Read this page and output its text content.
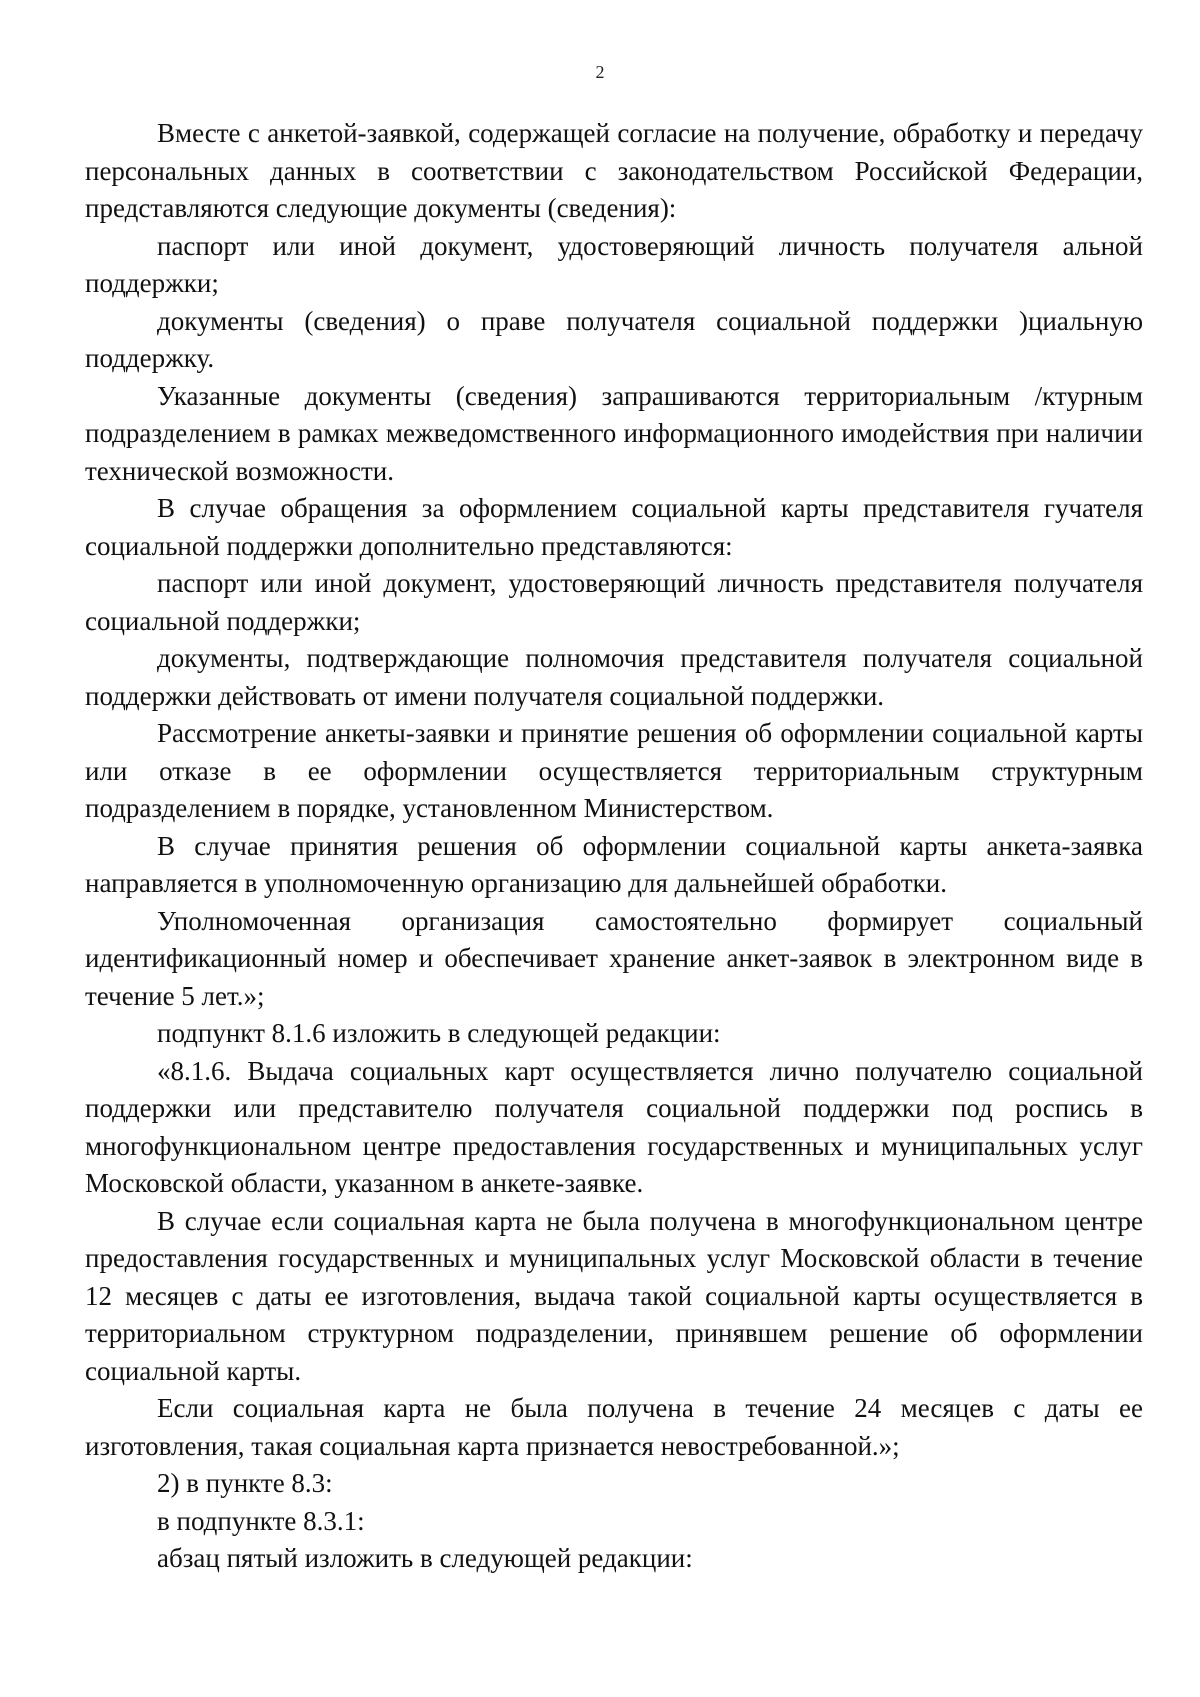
2

Вместе с анкетой-заявкой, содержащей согласие на получение, обработку и передачу персональных данных в соответствии с законодательством Российской Федерации, представляются следующие документы (сведения):

паспорт или иной документ, удостоверяющий личность получателя альной поддержки;

документы (сведения) о праве получателя социальной поддержки )циальную поддержку.

Указанные документы (сведения) запрашиваются территориальным /ктурным подразделением в рамках межведомственного информационного имодействия при наличии технической возможности.

В случае обращения за оформлением социальной карты представителя гучателя социальной поддержки дополнительно представляются:

паспорт или иной документ, удостоверяющий личность представителя получателя социальной поддержки;

документы, подтверждающие полномочия представителя получателя социальной поддержки действовать от имени получателя социальной поддержки.

Рассмотрение анкеты-заявки и принятие решения об оформлении социальной карты или отказе в ее оформлении осуществляется территориальным структурным подразделением в порядке, установленном Министерством.

В случае принятия решения об оформлении социальной карты анкета-заявка направляется в уполномоченную организацию для дальнейшей обработки.

Уполномоченная организация самостоятельно формирует социальный идентификационный номер и обеспечивает хранение анкет-заявок в электронном виде в течение 5 лет.»;

подпункт 8.1.6 изложить в следующей редакции:

«8.1.6. Выдача социальных карт осуществляется лично получателю социальной поддержки или представителю получателя социальной поддержки под роспись в многофункциональном центре предоставления государственных и муниципальных услуг Московской области, указанном в анкете-заявке.

В случае если социальная карта не была получена в многофункциональном центре предоставления государственных и муниципальных услуг Московской области в течение 12 месяцев с даты ее изготовления, выдача такой социальной карты осуществляется в территориальном структурном подразделении, принявшем решение об оформлении социальной карты.

Если социальная карта не была получена в течение 24 месяцев с даты ее изготовления, такая социальная карта признается невостребованной.»;

2) в пункте 8.3:

в подпункте 8.3.1:

абзац пятый изложить в следующей редакции:
